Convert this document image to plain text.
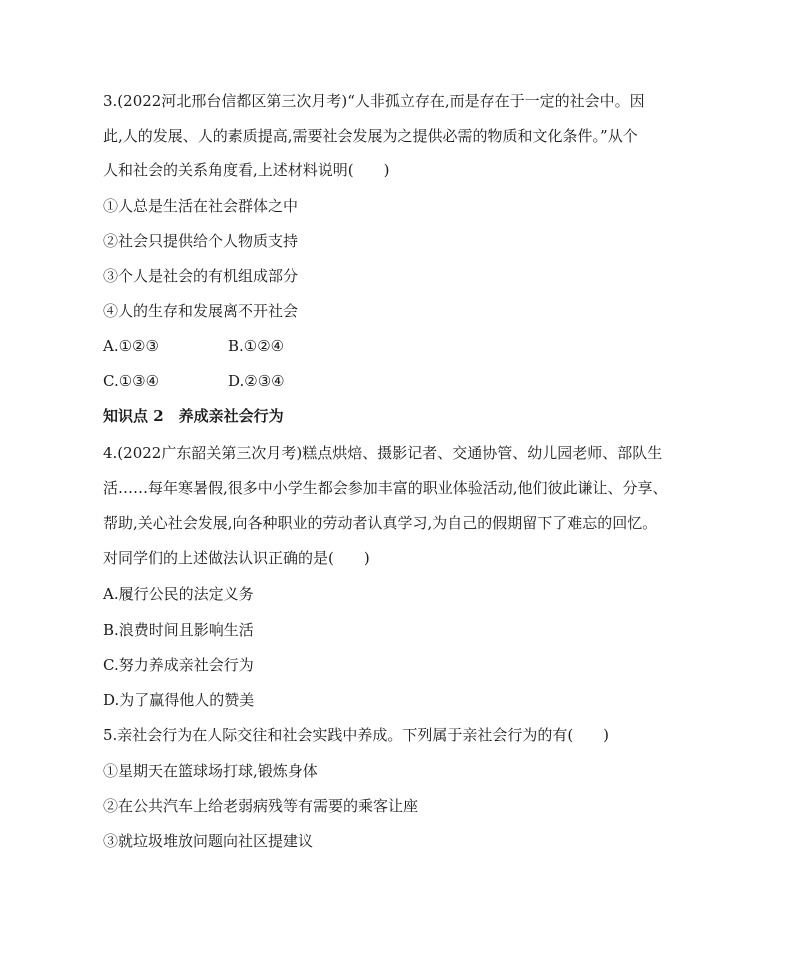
3.(2022河北邢台信都区第三次月考)“人非孤立存在,而是存在于一定的社会中。因
此,人的发展、人的素质提高,需要社会发展为之提供必需的物质和文化条件。”从个
人和社会的关系角度看,上述材料说明(　　)
①人总是生活在社会群体之中
②社会只提供给个人物质支持
③个人是社会的有机组成部分
④人的生存和发展离不开社会
A.①②③	B.①②④
C.①③④	D.②③④
知识点 2　养成亲社会行为
4.(2022广东韶关第三次月考)糕点烘焙、摄影记者、交通协管、幼儿园老师、部队生
活……每年寒暑假,很多中小学生都会参加丰富的职业体验活动,他们彼此谦让、分享、
帮助,关心社会发展,向各种职业的劳动者认真学习,为自己的假期留下了难忘的回忆。
对同学们的上述做法认识正确的是(　　)
A.履行公民的法定义务
B.浪费时间且影响生活
C.努力养成亲社会行为
D.为了赢得他人的赞美
5.亲社会行为在人际交往和社会实践中养成。下列属于亲社会行为的有(　　)
①星期天在篮球场打球,锻炼身体
②在公共汽车上给老弱病残等有需要的乘客让座
③就垃圾堆放问题向社区提建议
